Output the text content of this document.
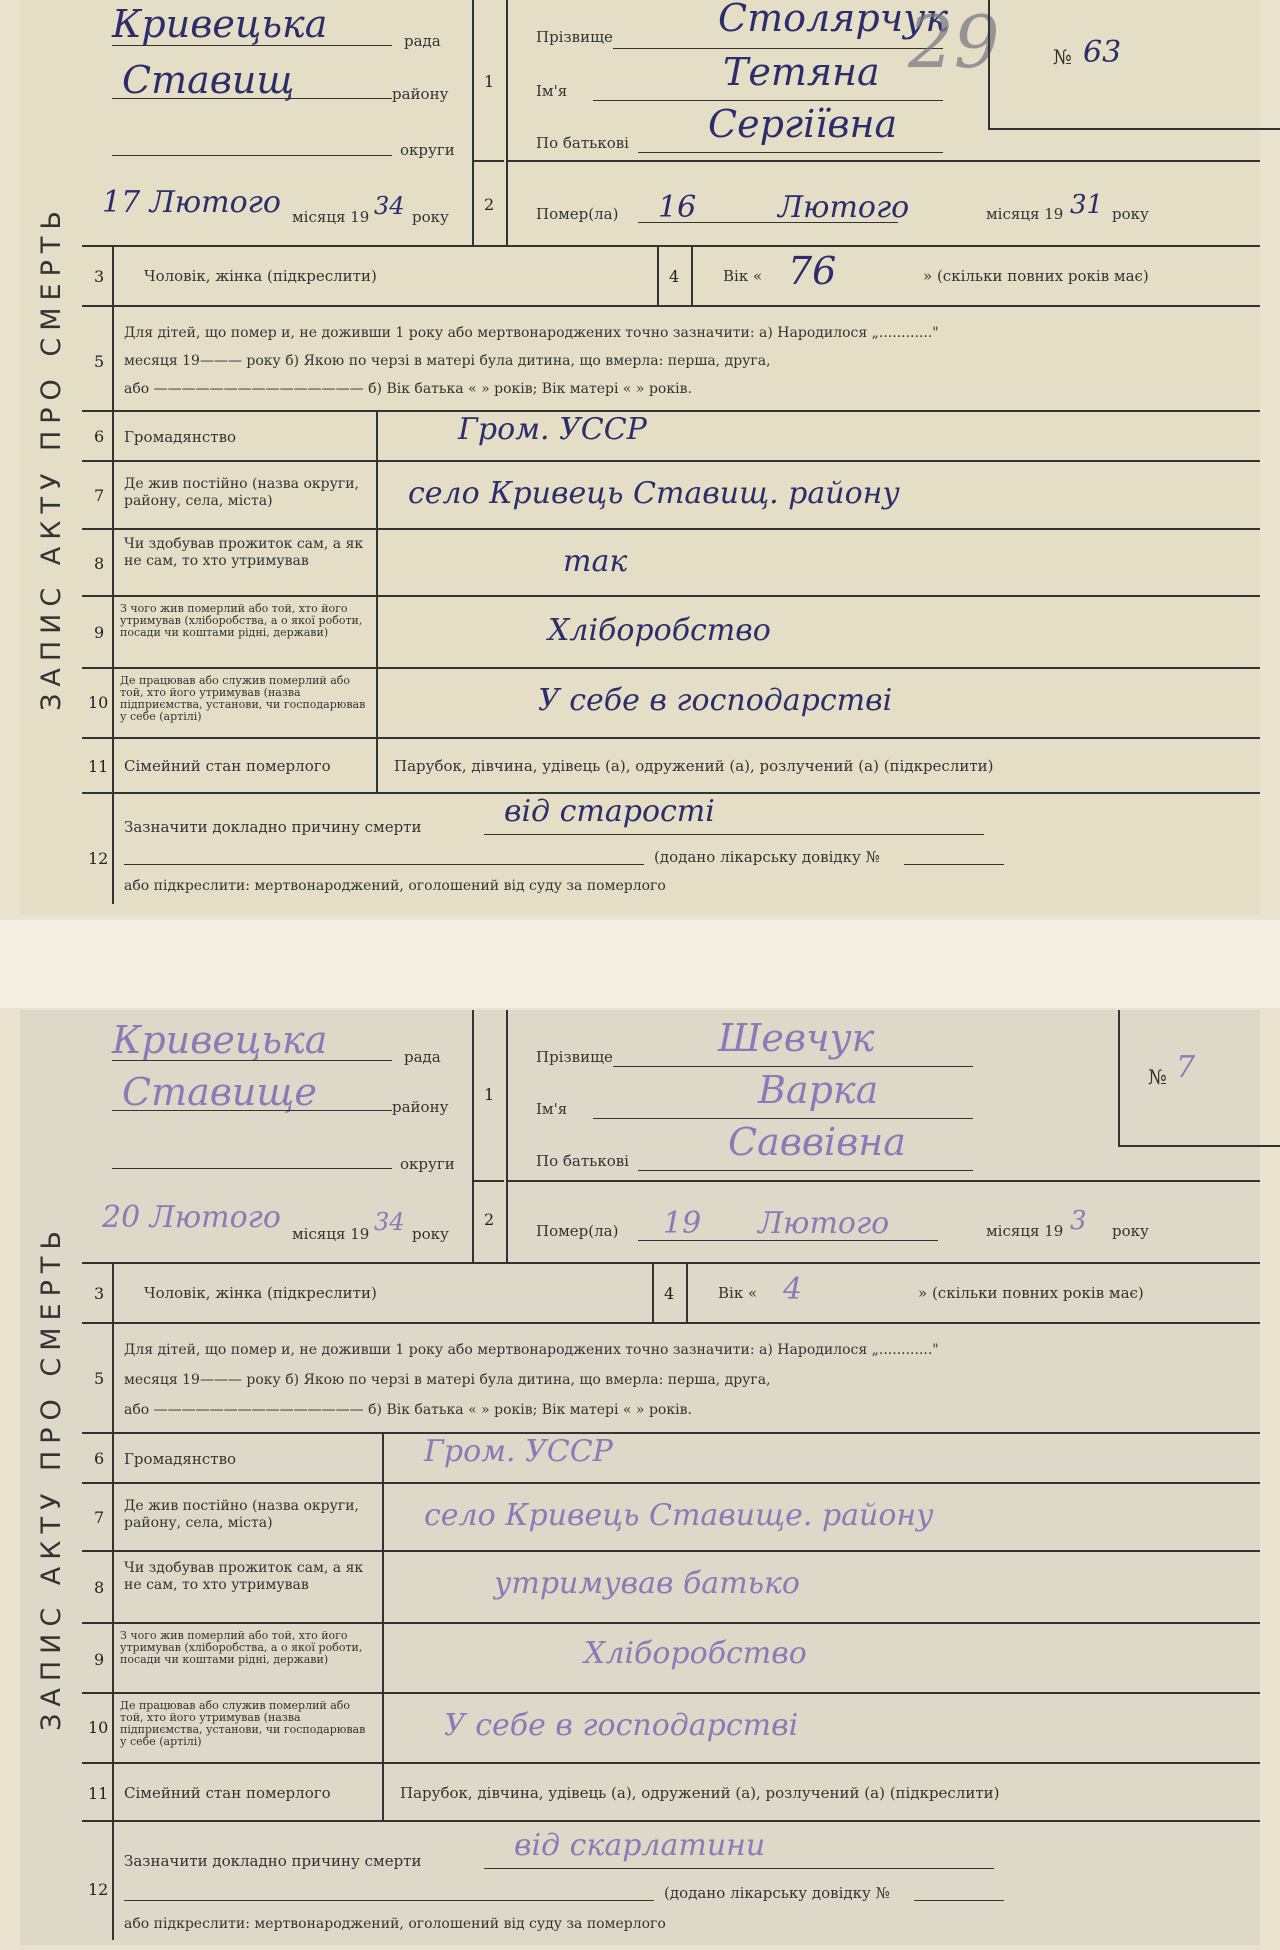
ЗАПИС АКТУ ПРО СМЕРТЬ
Кривецька	рада
Ставищ	району
округи
17 Лютого місяця 19 34 року
1
2
Прізвище	Столярчук
Ім'я	Тетяна
По батькові Сергіївна
29	№ 63
Помер(ла) 16	Лютого	місяця 19 31 року
3	Чоловік, жінка (підкреслити)	4	Вік « 76	» (скільки повних років має)
5
Для дітей, що помер и, не доживши 1 року або мертвонароджених точно зазначити: а) Народилося „............"
месяця 19——— року б) Якою по черзі в матері була дитина, що вмерла: перша, друга,
або ——————————————— б) Вік батька « » років; Вік матері « » років.
6 Громадянство	Гром. УССР
7
Де жив постійно (назва округи, району, села, міста)	село Кривець Ставищ. району
8
Чи здобував прожиток сам, а як не сам, то хто утримував	так
9
З чого жив померлий або той, хто його утримував (хліборобства, а о якої роботи, посади чи коштами рідні, держави)	Хліборобство
10
Де працював або служив померлий або той, хто його утримував (назва підприємства, установи, чи господарював у себе (артілі)	У себе в господарстві
11 Сімейний стан померлого	Парубок, дівчина, удівець (а), одружений (а), розлучений (а) (підкреслити)
12
Зазначити докладно причину смерти	від старості
(додано лікарську довідку №
або підкреслити: мертвонароджений, оголошений від суду за померлого
ЗАПИС АКТУ ПРО СМЕРТЬ
Кривецька	рада
Ставище	району
округи
20 Лютого місяця 19 34 року
1
2
Прізвище	Шевчук
Ім'я	Варка
По батькові	Саввівна
№ 7
Помер(ла) 19 Лютого	місяця 19 3 року
3	Чоловік, жінка (підкреслити)	4	Вік « 4	» (скільки повних років має)
5
Для дітей, що помер и, не доживши 1 року або мертвонароджених точно зазначити: а) Народилося „............"
месяця 19——— року б) Якою по черзі в матері була дитина, що вмерла: перша, друга,
або ——————————————— б) Вік батька « » років; Вік матері « » років.
6 Громадянство	Гром. УССР
7
Де жив постійно (назва округи, району, села, міста)	село Кривець Ставище. району
8
Чи здобував прожиток сам, а як не сам, то хто утримував	утримував батько
9
З чого жив померлий або той, хто його утримував (хліборобства, а о якої роботи, посади чи коштами рідні, держави)	Хліборобство
10
Де працював або служив померлий або той, хто його утримував (назва підприємства, установи, чи господарював у себе (артілі)	У себе в господарстві
11 Сімейний стан померлого	Парубок, дівчина, удівець (а), одружений (а), розлучений (а) (підкреслити)
12
Зазначити докладно причину смерти	від скарлатини
(додано лікарську довідку №
або підкреслити: мертвонароджений, оголошений від суду за померлого
